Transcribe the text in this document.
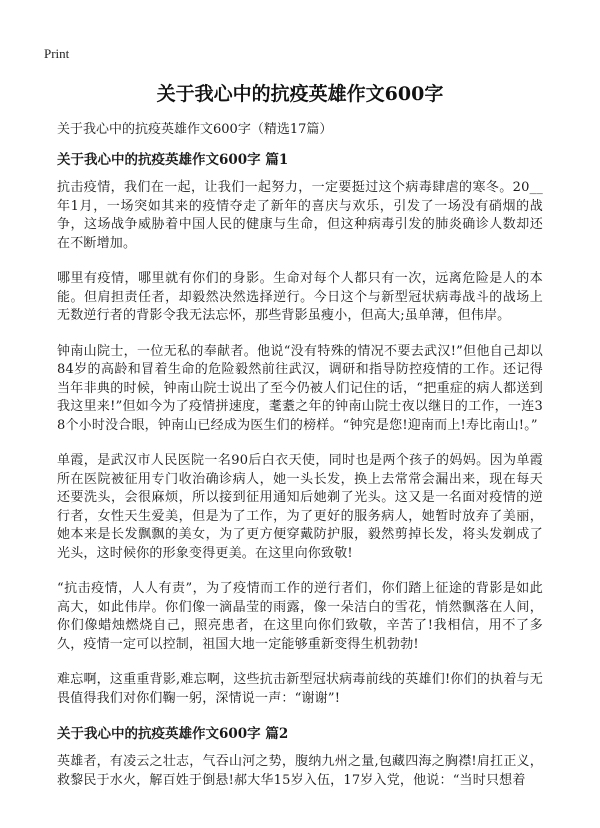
Print
关于我心中的抗疫英雄作文600字

关于我心中的抗疫英雄作文600字（精选17篇）

关于我心中的抗疫英雄作文600字 篇1

抗击疫情，我们在一起，让我们一起努力，一定要挺过这个病毒肆虐的寒冬。20__年1月，一场突如其来的疫情夺走了新年的喜庆与欢乐，引发了一场没有硝烟的战争，这场战争威胁着中国人民的健康与生命，但这种病毒引发的肺炎确诊人数却还在不断增加。

哪里有疫情，哪里就有你们的身影。生命对每个人都只有一次，远离危险是人的本能。但肩担责任者，却毅然决然选择逆行。今日这个与新型冠状病毒战斗的战场上无数逆行者的背影令我无法忘怀，那些背影虽瘦小，但高大;虽单薄，但伟岸。

钟南山院士，一位无私的奉献者。他说“没有特殊的情况不要去武汉!”但他自己却以84岁的高龄和冒着生命的危险毅然前往武汉，调研和指导防控疫情的工作。还记得当年非典的时候，钟南山院士说出了至今仍被人们记住的话，“把重症的病人都送到我这里来!”但如今为了疫情拼速度，耄耋之年的钟南山院士夜以继日的工作，一连38个小时没合眼，钟南山已经成为医生们的榜样。“钟究是您!迎南而上!寿比南山!。”

单霞，是武汉市人民医院一名90后白衣天使，同时也是两个孩子的妈妈。因为单霞所在医院被征用专门收治确诊病人，她一头长发，换上去常常会漏出来，现在每天还要洗头，会很麻烦，所以接到征用通知后她剃了光头。这又是一名面对疫情的逆行者，女性天生爱美，但是为了工作，为了更好的服务病人，她暂时放弃了美丽，她本来是长发飘飘的美女，为了更方便穿戴防护服，毅然剪掉长发，将头发剃成了光头，这时候你的形象变得更美。在这里向你致敬!

“抗击疫情，人人有责”，为了疫情而工作的逆行者们，你们踏上征途的背影是如此高大，如此伟岸。你们像一滴晶莹的雨露，像一朵洁白的雪花，悄然飘落在人间，你们像蜡烛燃烧自己，照亮患者，在这里向你们致敬，辛苦了!我相信，用不了多久，疫情一定可以控制，祖国大地一定能够重新变得生机勃勃!

难忘啊，这重重背影,难忘啊，这些抗击新型冠状病毒前线的英雄们!你们的执着与无畏值得我们对你们鞠一躬，深情说一声：“谢谢”!

关于我心中的抗疫英雄作文600字 篇2

英雄者，有凌云之壮志，气吞山河之势，腹纳九州之量,包藏四海之胸襟!肩扛正义，救黎民于水火，解百姓于倒悬!郝大华15岁入伍，17岁入党，他说：“当时只想着
